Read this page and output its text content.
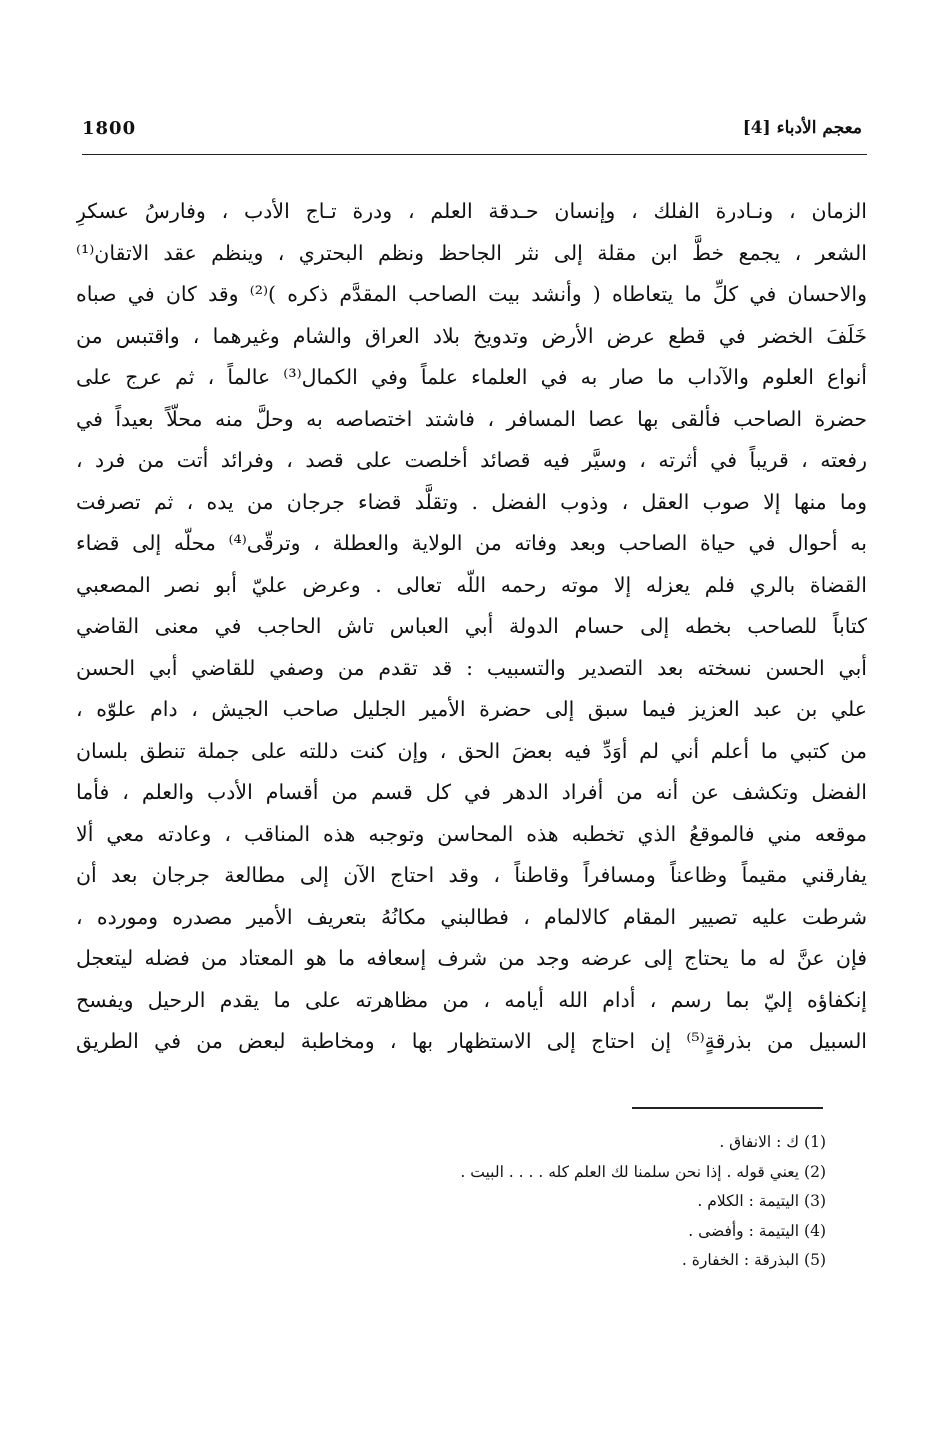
معجم الأدباء [4]
1800
الزمان ، ونـادرة الفلك ، وإنسان حـدقة العلم ، ودرة تـاج الأدب ، وفارسُ عسكرِ
الشعر ، يجمع خطَّ ابن مقلة إلى نثر الجاحظ ونظم البحتري ، وينظم عقد الاتقان⁽¹⁾
والاحسان في كلِّ ما يتعاطاه ( وأنشد بيت الصاحب المقدَّم ذكره )⁽²⁾ وقد كان في صباه
خَلَفَ الخضر في قطع عرض الأرض وتدويخ بلاد العراق والشام وغيرهما ، واقتبس من
أنواع العلوم والآداب ما صار به في العلماء علماً وفي الكمال⁽³⁾ عالماً ، ثم عرج على
حضرة الصاحب فألقى بها عصا المسافر ، فاشتد اختصاصه به وحلَّ منه محلّاً بعيداً في
رفعته ، قريباً في أثرته ، وسيَّر فيه قصائد أخلصت على قصد ، وفرائد أتت من فرد ،
وما منها إلا صوب العقل ، وذوب الفضل . وتقلَّد قضاء جرجان من يده ، ثم تصرفت
به أحوال في حياة الصاحب وبعد وفاته من الولاية والعطلة ، وترقّى⁽⁴⁾ محلّه إلى قضاء
القضاة بالري فلم يعزله إلا موته رحمه اللّه تعالى . وعرض عليّ أبو نصر المصعبي
كتاباً للصاحب بخطه إلى حسام الدولة أبي العباس تاش الحاجب في معنى القاضي
أبي الحسن نسخته بعد التصدير والتسبيب : قد تقدم من وصفي للقاضي أبي الحسن
علي بن عبد العزيز فيما سبق إلى حضرة الأمير الجليل صاحب الجيش ، دام علوّه ،
من كتبي ما أعلم أني لم أوَدِّ فيه بعضَ الحق ، وإن كنت دللته على جملة تنطق بلسان
الفضل وتكشف عن أنه من أفراد الدهر في كل قسم من أقسام الأدب والعلم ، فأما
موقعه مني فالموقعُ الذي تخطبه هذه المحاسن وتوجبه هذه المناقب ، وعادته معي ألا
يفارقني مقيماً وظاعناً ومسافراً وقاطناً ، وقد احتاج الآن إلى مطالعة جرجان بعد أن
شرطت عليه تصيير المقام كالالمام ، فطالبني مكانُهُ بتعريف الأمير مصدره ومورده ،
فإن عنَّ له ما يحتاج إلى عرضه وجد من شرف إسعافه ما هو المعتاد من فضله ليتعجل
إنكفاؤه إليّ بما رسم ، أدام الله أيامه ، من مظاهرته على ما يقدم الرحيل ويفسح
السبيل من بذرقةٍ⁽⁵⁾ إن احتاج إلى الاستظهار بها ، ومخاطبة لبعض من في الطريق
(1) ك : الانفاق .
(2) يعني قوله . إذا نحن سلمنا لك العلم كله . . . . البيت .
(3) اليتيمة : الكلام .
(4) اليتيمة : وأفضى .
(5) البذرقة : الخفارة .
